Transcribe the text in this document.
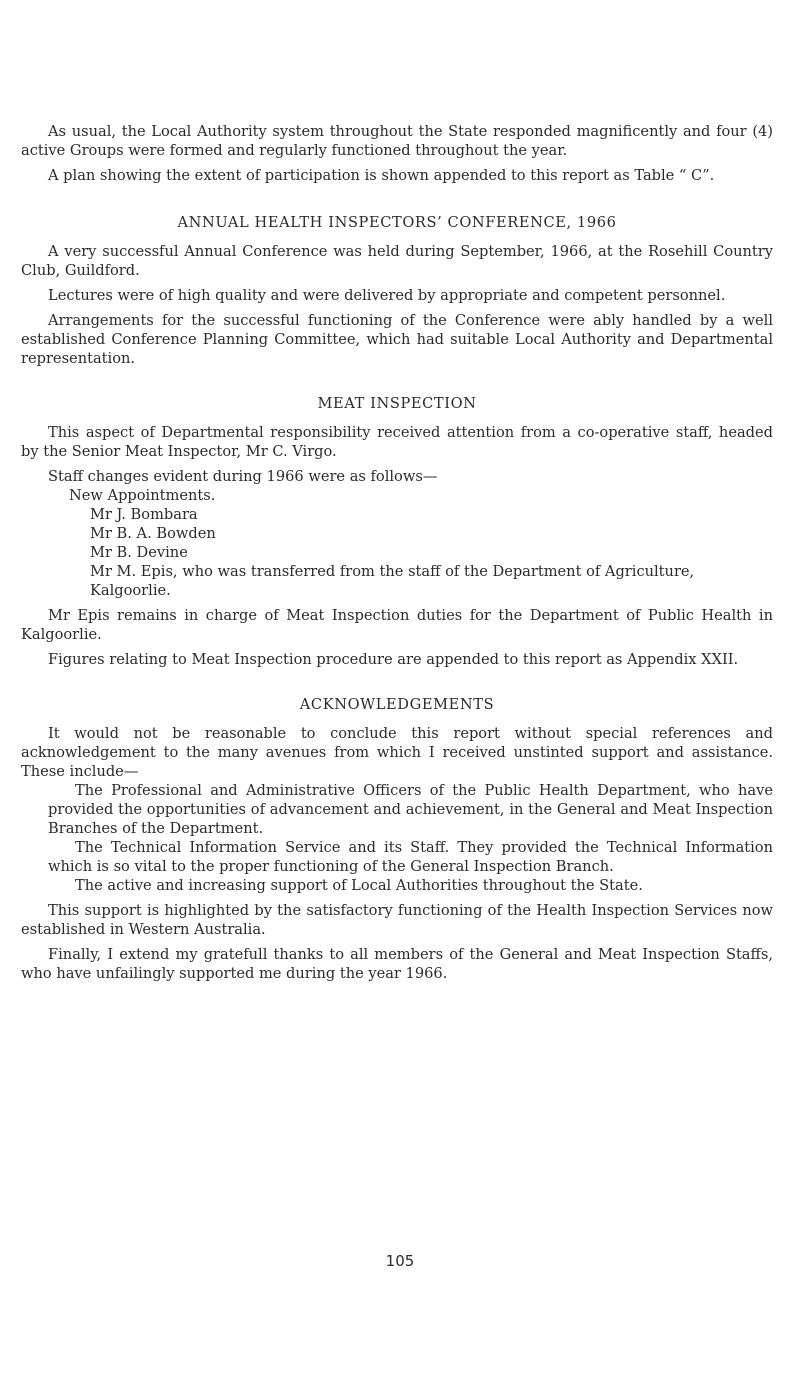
As usual, the Local Authority system throughout the State responded magnificently and four (4) active Groups were formed and regularly functioned throughout the year.

A plan showing the extent of participation is shown appended to this report as Table “ C”.

ANNUAL HEALTH INSPECTORS’ CONFERENCE, 1966

A very successful Annual Conference was held during September, 1966, at the Rosehill Country Club, Guildford.

Lectures were of high quality and were delivered by appropriate and competent personnel.

Arrangements for the successful functioning of the Conference were ably handled by a well established Conference Planning Committee, which had suitable Local Authority and Departmental representation.

MEAT INSPECTION

This aspect of Departmental responsibility received attention from a co-operative staff, headed by the Senior Meat Inspector, Mr C. Virgo.

Staff changes evident during 1966 were as follows—

New Appointments.
Mr J. Bombara
Mr B. A. Bowden
Mr B. Devine
Mr M. Epis, who was transferred from the staff of the Department of Agriculture, Kalgoorlie.

Mr Epis remains in charge of Meat Inspection duties for the Department of Public Health in Kalgoorlie.

Figures relating to Meat Inspection procedure are appended to this report as Appendix XXII.

ACKNOWLEDGEMENTS

It would not be reasonable to conclude this report without special references and acknowledgement to the many avenues from which I received unstinted support and assistance. These include—

The Professional and Administrative Officers of the Public Health Department, who have provided the opportunities of advancement and achievement, in the General and Meat Inspection Branches of the Department.

The Technical Information Service and its Staff. They provided the Technical Information which is so vital to the proper functioning of the General Inspection Branch.

The active and increasing support of Local Authorities throughout the State.

This support is highlighted by the satisfactory functioning of the Health Inspection Services now established in Western Australia.

Finally, I extend my gratefull thanks to all members of the General and Meat Inspection Staffs, who have unfailingly supported me during the year 1966.

105
